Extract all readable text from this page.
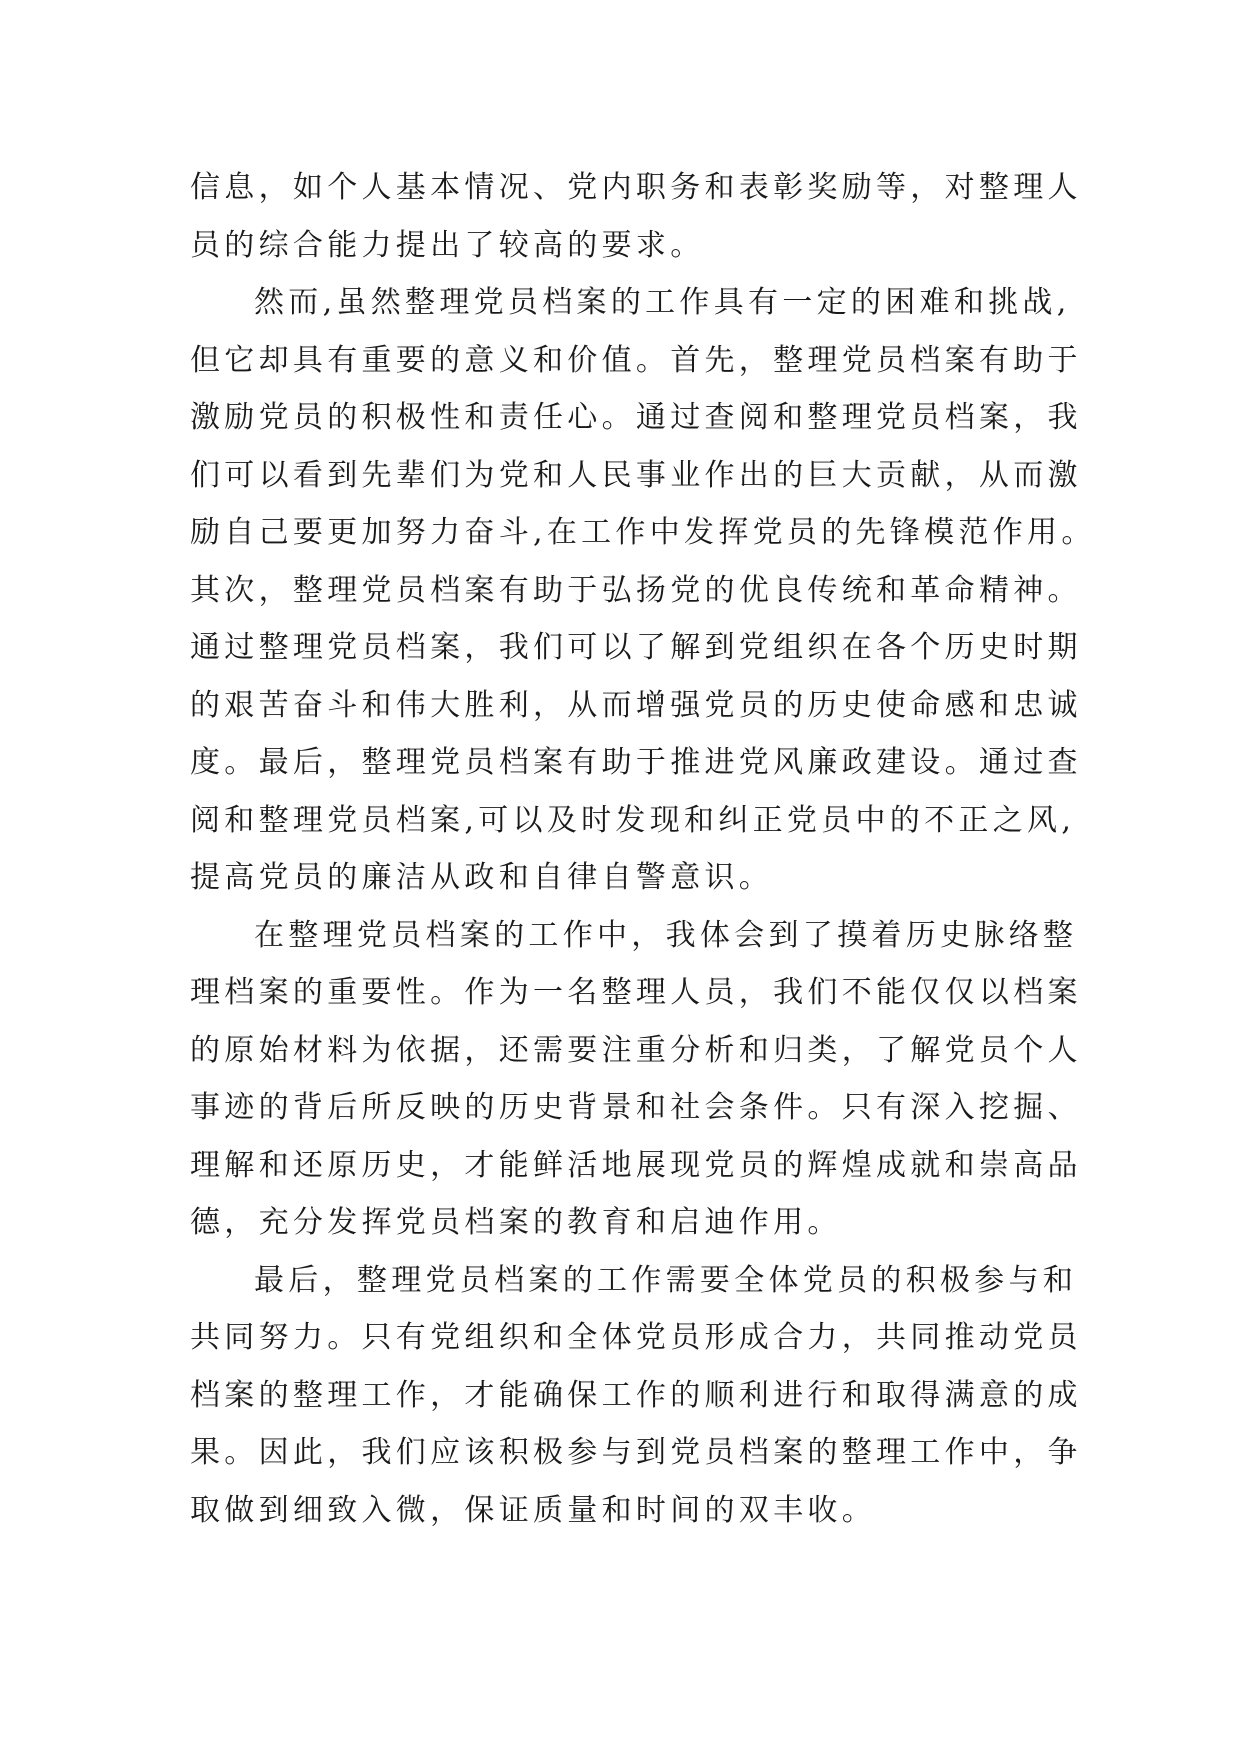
信息，如个人基本情况、党内职务和表彰奖励等，对整理人
员的综合能力提出了较高的要求。
然而,虽然整理党员档案的工作具有一定的困难和挑战,
但它却具有重要的意义和价值。首先，整理党员档案有助于
激励党员的积极性和责任心。通过查阅和整理党员档案，我
们可以看到先辈们为党和人民事业作出的巨大贡献，从而激
励自己要更加努力奋斗,在工作中发挥党员的先锋模范作用。
其次，整理党员档案有助于弘扬党的优良传统和革命精神。
通过整理党员档案，我们可以了解到党组织在各个历史时期
的艰苦奋斗和伟大胜利，从而增强党员的历史使命感和忠诚
度。最后，整理党员档案有助于推进党风廉政建设。通过查
阅和整理党员档案,可以及时发现和纠正党员中的不正之风,
提高党员的廉洁从政和自律自警意识。
在整理党员档案的工作中，我体会到了摸着历史脉络整
理档案的重要性。作为一名整理人员，我们不能仅仅以档案
的原始材料为依据，还需要注重分析和归类，了解党员个人
事迹的背后所反映的历史背景和社会条件。只有深入挖掘、
理解和还原历史，才能鲜活地展现党员的辉煌成就和崇高品
德，充分发挥党员档案的教育和启迪作用。
最后，整理党员档案的工作需要全体党员的积极参与和
共同努力。只有党组织和全体党员形成合力，共同推动党员
档案的整理工作，才能确保工作的顺利进行和取得满意的成
果。因此，我们应该积极参与到党员档案的整理工作中，争
取做到细致入微，保证质量和时间的双丰收。
